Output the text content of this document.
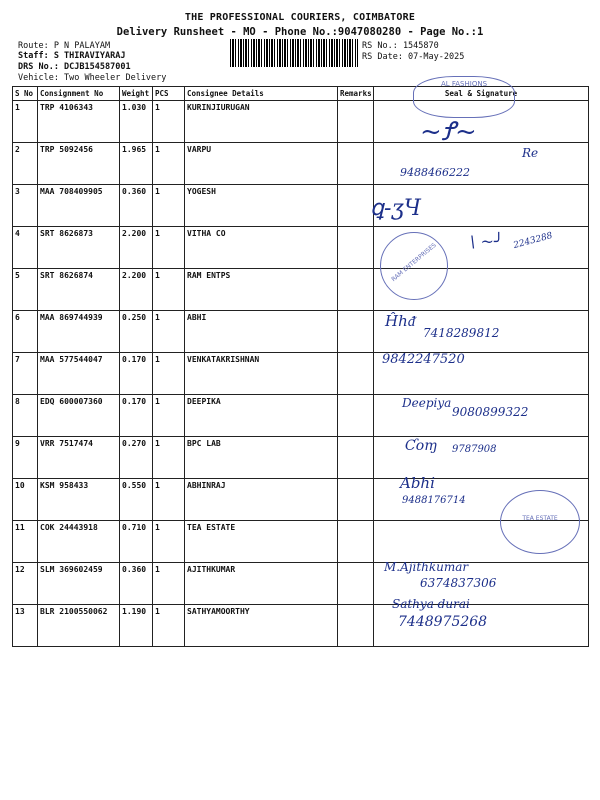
THE PROFESSIONAL COURIERS, COIMBATORE
Delivery Runsheet - MO - Phone No.:9047080280 - Page No.:1
Route: P N PALAYAM
Staff: S THIRAVIYARAJ
DRS No.: DCJB154587001
Vehicle: Two Wheeler Delivery
RS No.: 1545870
RS Date: 07-May-2025
S No	Consignment No	Weight	PCS	Consignee Details	Remarks	Seal & Signature
1	TRP 4106343	1.030	1	KURINJIURUGAN		
2	TRP 5092456	1.965	1	VARPU		
3	MAA 708409905	0.360	1	YOGESH		
4	SRT 8626873	2.200	1	VITHA CO		
5	SRT 8626874	2.200	1	RAM ENTPS		
6	MAA 869744939	0.250	1	ABHI		
7	MAA 577544047	0.170	1	VENKATAKRISHNAN		
8	EDQ 600007360	0.170	1	DEEPIKA		
9	VRR 7517474	0.270	1	BPC LAB		
10	KSM 958433	0.550	1	ABHINRAJ		
11	COK 24443918	0.710	1	TEA ESTATE		
12	SLM 369602459	0.360	1	AJITHKUMAR		
13	BLR 2100550062	1.190	1	SATHYAMOORTHY		
~Ꝭ~
Re
9488466222
ꝗ-ʒЧ
\ ~╯ 2243288
Ĥhᵭ
7418289812
9842247520
Deepiya
9080899322
Ƈoɱ 9787908
Abhi
9488176714
M.Ajithkumar
6374837306
Sathya durai
7448975268
AL FASHIONS
RAM ENTERPRISES
TEA ESTATE
